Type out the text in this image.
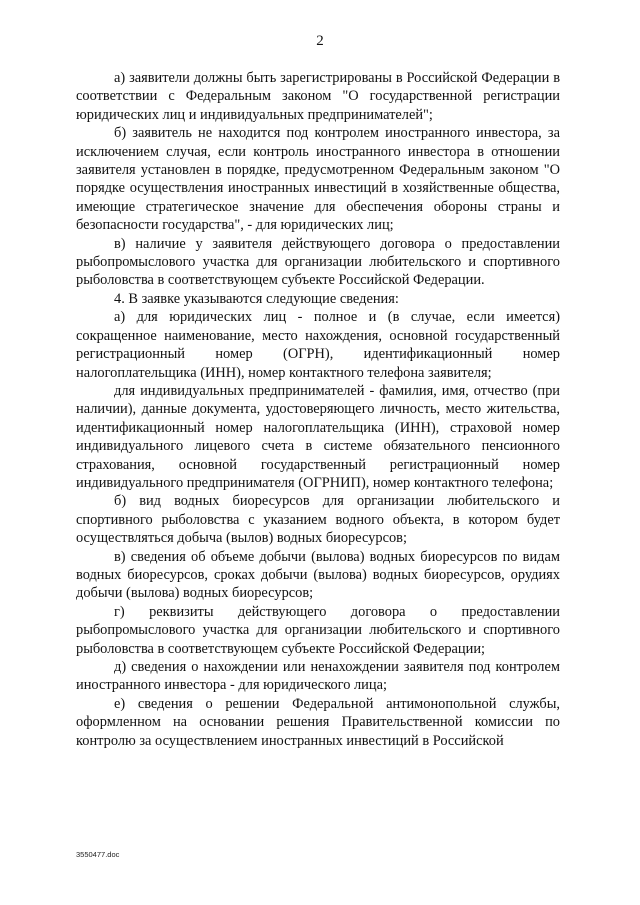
2

а) заявители должны быть зарегистрированы в Российской Федерации в соответствии с Федеральным законом "О государственной регистрации юридических лиц и индивидуальных предпринимателей";

б) заявитель не находится под контролем иностранного инвестора, за исключением случая, если контроль иностранного инвестора в отношении заявителя установлен в порядке, предусмотренном Федеральным законом "О порядке осуществления иностранных инвестиций в хозяйственные общества, имеющие стратегическое значение для обеспечения обороны страны и безопасности государства", - для юридических лиц;

в) наличие у заявителя действующего договора о предоставлении рыбопромыслового участка для организации любительского и спортивного рыболовства в соответствующем субъекте Российской Федерации.

4. В заявке указываются следующие сведения:

а) для юридических лиц - полное и (в случае, если имеется) сокращенное наименование, место нахождения, основной государственный регистрационный номер (ОГРН), идентификационный номер налогоплательщика (ИНН), номер контактного телефона заявителя;

для индивидуальных предпринимателей - фамилия, имя, отчество (при наличии), данные документа, удостоверяющего личность, место жительства, идентификационный номер налогоплательщика (ИНН), страховой номер индивидуального лицевого счета в системе обязательного пенсионного страхования, основной государственный регистрационный номер индивидуального предпринимателя (ОГРНИП), номер контактного телефона;

б) вид водных биоресурсов для организации любительского и спортивного рыболовства с указанием водного объекта, в котором будет осуществляться добыча (вылов) водных биоресурсов;

в) сведения об объеме добычи (вылова) водных биоресурсов по видам водных биоресурсов, сроках добычи (вылова) водных биоресурсов, орудиях добычи (вылова) водных биоресурсов;

г) реквизиты действующего договора о предоставлении рыбопромыслового участка для организации любительского и спортивного рыболовства в соответствующем субъекте Российской Федерации;

д) сведения о нахождении или ненахождении заявителя под контролем иностранного инвестора - для юридического лица;

е) сведения о решении Федеральной антимонопольной службы, оформленном на основании решения Правительственной комиссии по контролю за осуществлением иностранных инвестиций в Российской

3550477.doc
